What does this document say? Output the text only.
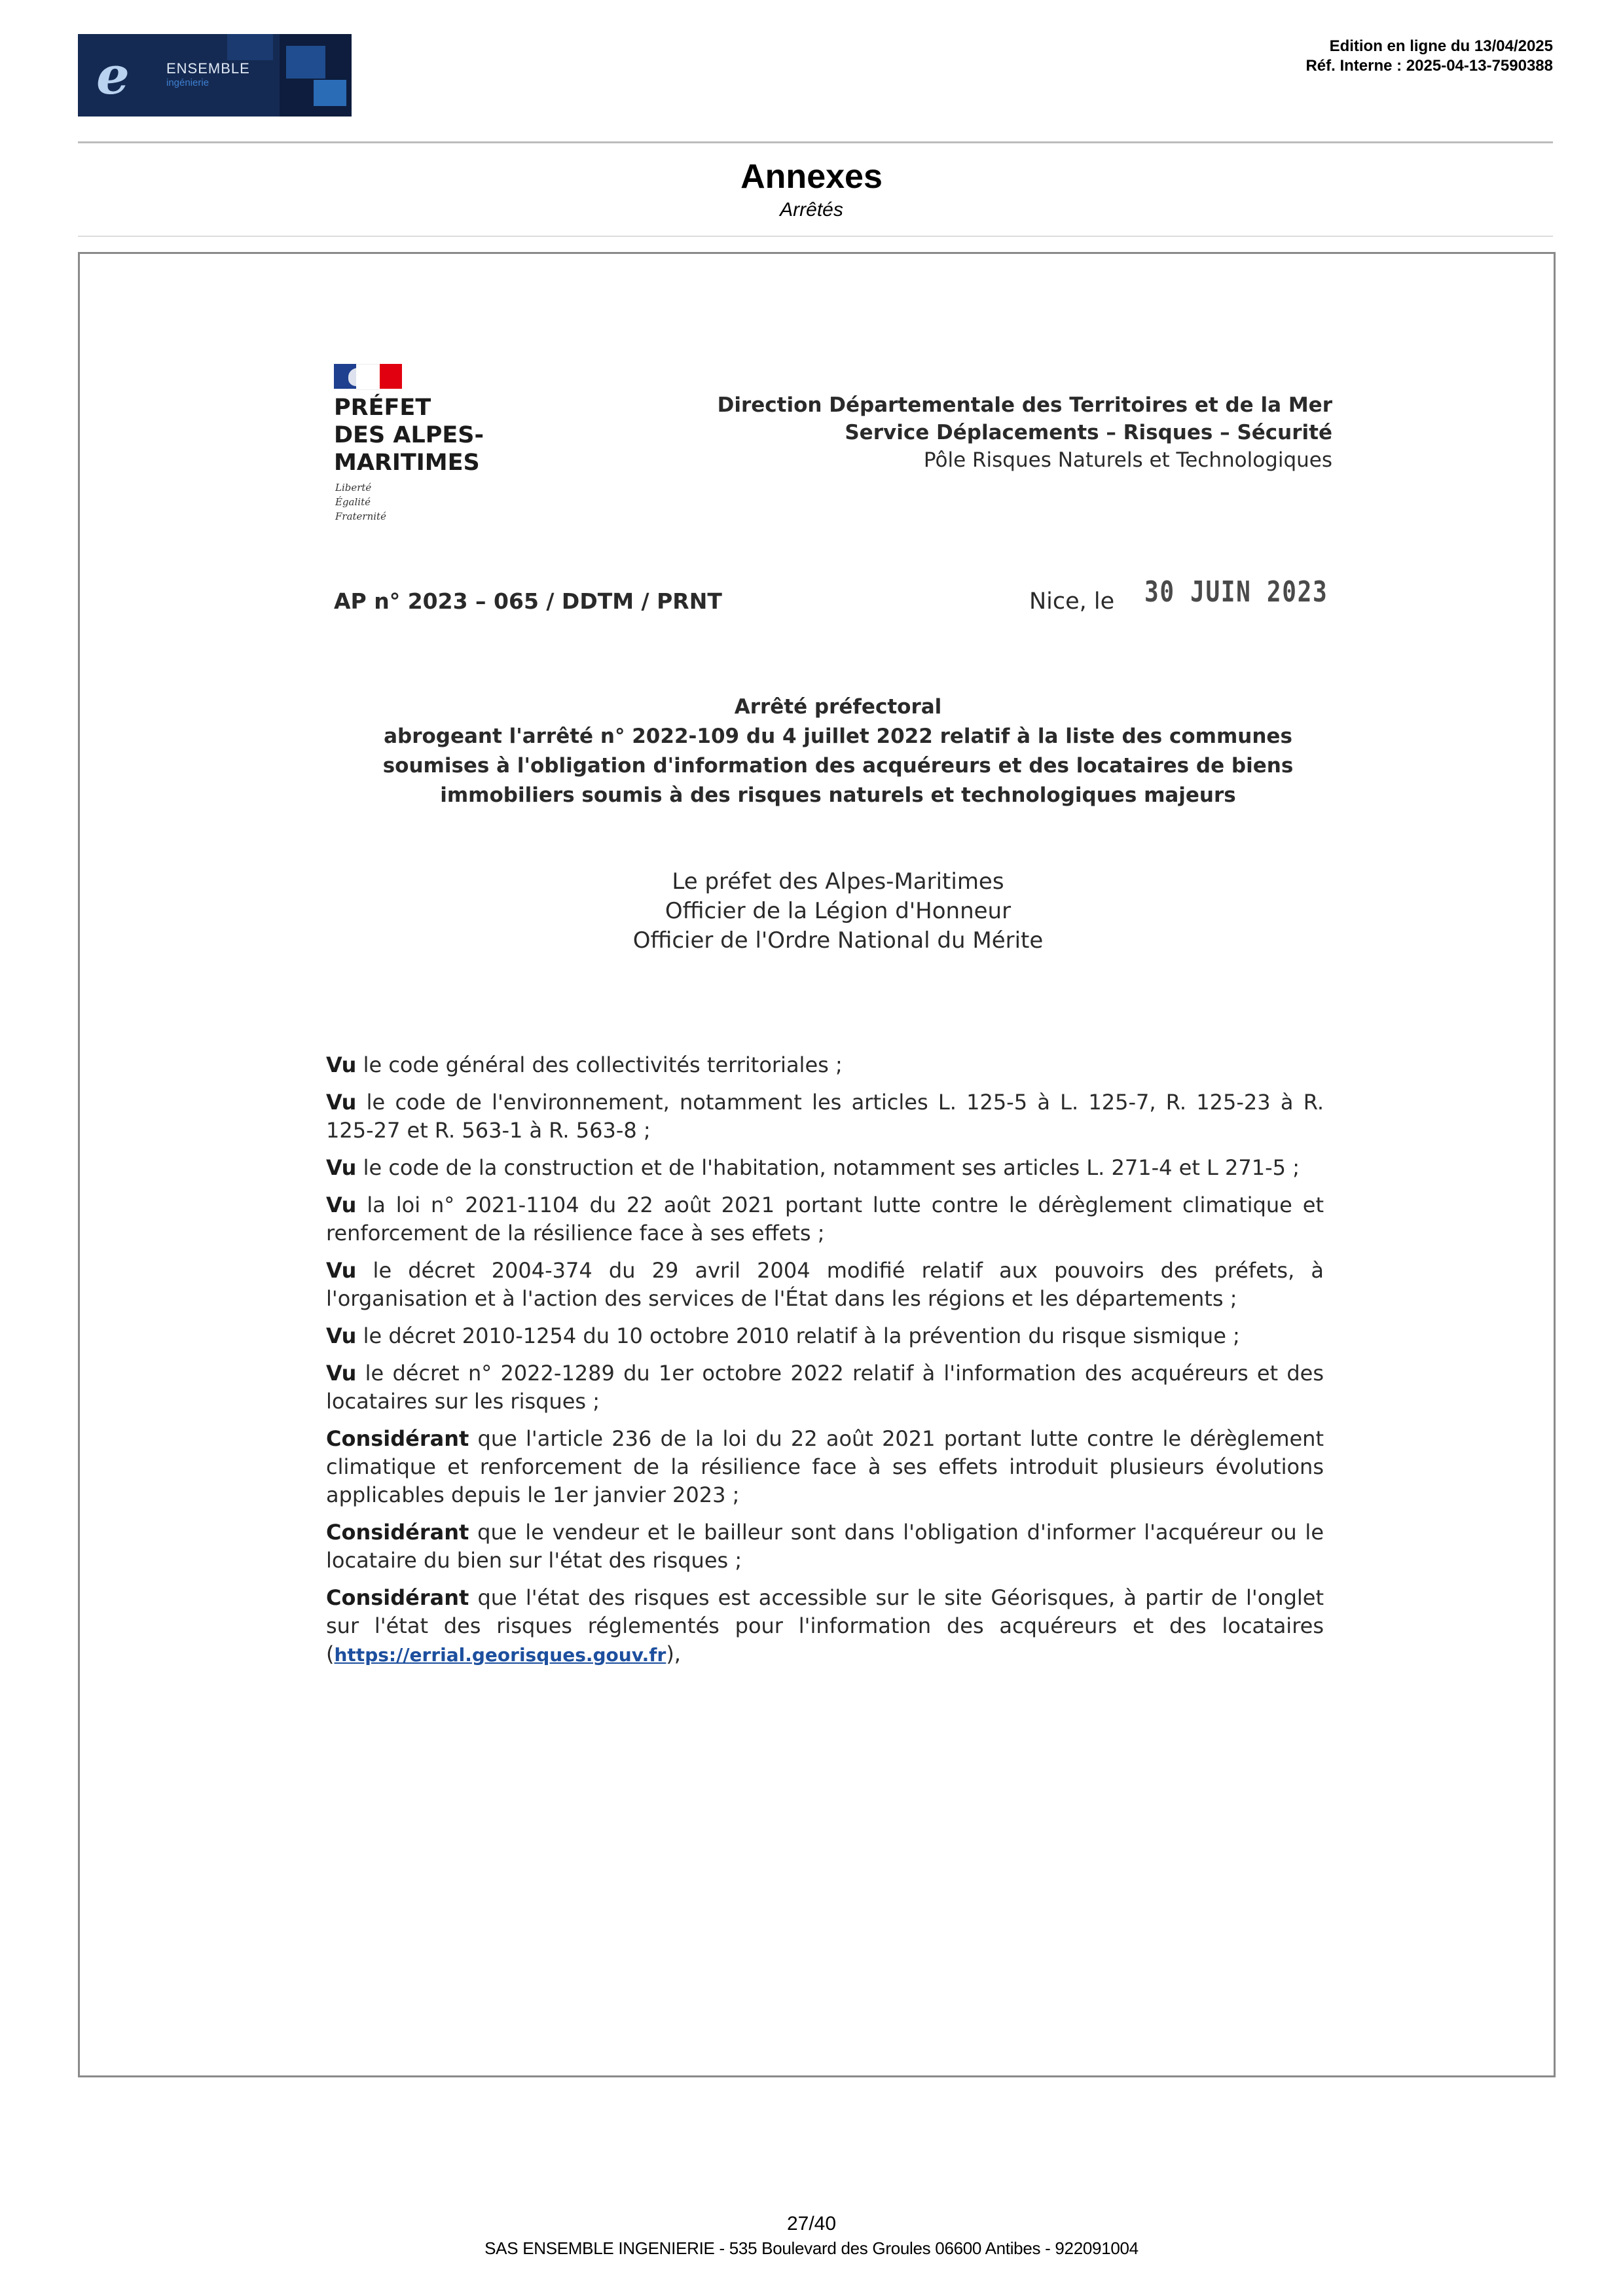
e	ENSEMBLE
ingénierie
Edition en ligne du 13/04/2025
Réf. Interne : 2025-04-13-7590388
Annexes
Arrêtés
PRÉFET
DES ALPES-
MARITIMES
Liberté
Égalité
Fraternité
Direction Départementale des Territoires et de la Mer
Service Déplacements – Risques – Sécurité
Pôle Risques Naturels et Technologiques
AP n° 2023 – 065 / DDTM / PRNT	Nice, le 30 JUIN 2023
Arrêté préfectoral
abrogeant l'arrêté n° 2022-109 du 4 juillet 2022 relatif à la liste des communes
soumises à l'obligation d'information des acquéreurs et des locataires de biens
immobiliers soumis à des risques naturels et technologiques majeurs
Le préfet des Alpes-Maritimes
Officier de la Légion d'Honneur
Officier de l'Ordre National du Mérite
Vu le code général des collectivités territoriales ;
Vu le code de l'environnement, notamment les articles L. 125-5 à L. 125-7, R. 125-23 à R. 125-27 et R. 563-1 à R. 563-8 ;
Vu le code de la construction et de l'habitation, notamment ses articles L. 271-4 et L 271-5 ;
Vu la loi n° 2021-1104 du 22 août 2021 portant lutte contre le dérèglement climatique et renforcement de la résilience face à ses effets ;
Vu le décret 2004-374 du 29 avril 2004 modifié relatif aux pouvoirs des préfets, à l'organisation et à l'action des services de l'État dans les régions et les départements ;
Vu le décret 2010-1254 du 10 octobre 2010 relatif à la prévention du risque sismique ;
Vu le décret n° 2022-1289 du 1er octobre 2022 relatif à l'information des acquéreurs et des locataires sur les risques ;
Considérant que l'article 236 de la loi du 22 août 2021 portant lutte contre le dérèglement climatique et renforcement de la résilience face à ses effets introduit plusieurs évolutions applicables depuis le 1er janvier 2023 ;
Considérant que le vendeur et le bailleur sont dans l'obligation d'informer l'acquéreur ou le locataire du bien sur l'état des risques ;
Considérant que l'état des risques est accessible sur le site Géorisques, à partir de l'onglet sur l'état des risques réglementés pour l'information des acquéreurs et des locataires (https://errial.georisques.gouv.fr),
27/40
SAS ENSEMBLE INGENIERIE - 535 Boulevard des Groules 06600 Antibes - 922091004
